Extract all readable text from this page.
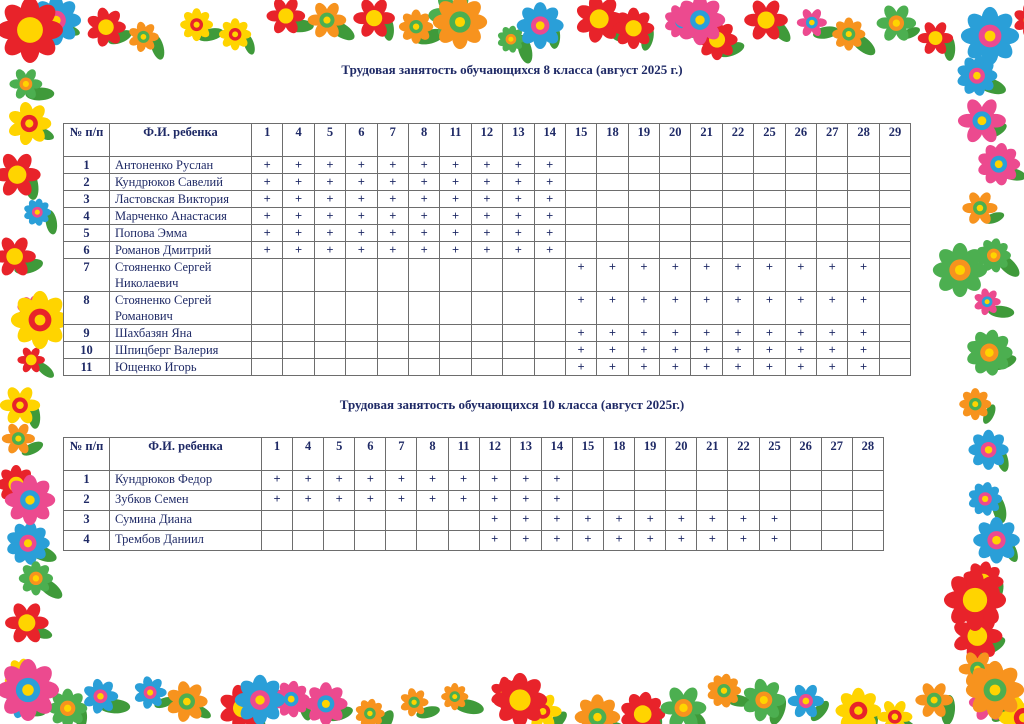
Трудовая занятость обучающихся 8 класса (август 2025 г.)
№ п/п	Ф.И. ребенка	1	4	5	6	7	8	11	12	13	14	15	18	19	20	21	22	25	26	27	28	29
1	Антоненко Руслан	+	+	+	+	+	+	+	+	+	+											
2	Кундрюков Савелий	+	+	+	+	+	+	+	+	+	+											
3	Ластовская Виктория	+	+	+	+	+	+	+	+	+	+											
4	Марченко Анастасия	+	+	+	+	+	+	+	+	+	+											
5	Попова Эмма	+	+	+	+	+	+	+	+	+	+											
6	Романов Дмитрий	+	+	+	+	+	+	+	+	+	+											
7	Стояненко Сергей Николаевич											+	+	+	+	+	+	+	+	+	+	
8	Стояненко Сергей Романович											+	+	+	+	+	+	+	+	+	+	
9	Шахбазян Яна											+	+	+	+	+	+	+	+	+	+	
10	Шпицберг Валерия											+	+	+	+	+	+	+	+	+	+	
11	Ющенко Игорь											+	+	+	+	+	+	+	+	+	+	
Трудовая занятость обучающихся 10 класса (август 2025г.)
№ п/п	Ф.И. ребенка	1	4	5	6	7	8	11	12	13	14	15	18	19	20	21	22	25	26	27	28
1	Кундрюков Федор	+	+	+	+	+	+	+	+	+	+										
2	Зубков Семен	+	+	+	+	+	+	+	+	+	+										
3	Сумина Диана								+	+	+	+	+	+	+	+	+	+			
4	Трембов Даниил								+	+	+	+	+	+	+	+	+	+			
